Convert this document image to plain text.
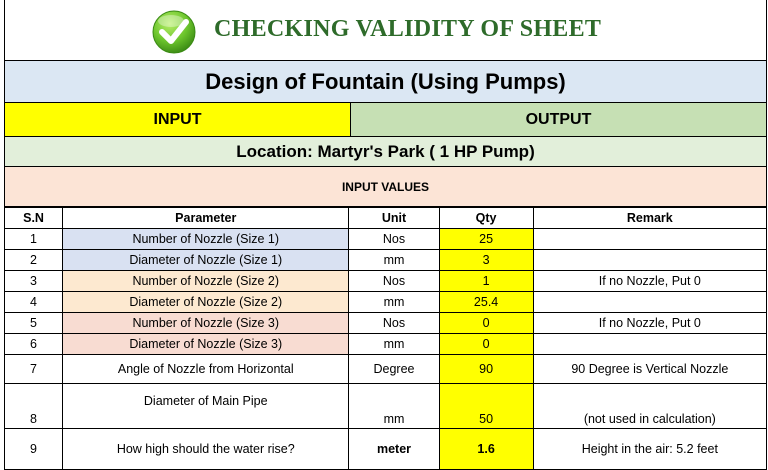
CHECKING VALIDITY OF SHEET
Design of Fountain (Using Pumps)
INPUT	OUTPUT
Location: Martyr's Park ( 1 HP Pump)
INPUT VALUES
S.N	Parameter	Unit	Qty	Remark
1	Number of Nozzle (Size 1)	Nos	25	
2	Diameter of Nozzle (Size 1)	mm	3	
3	Number of Nozzle (Size 2)	Nos	1	If no Nozzle, Put 0
4	Diameter of Nozzle (Size 2)	mm	25.4	
5	Number of Nozzle (Size 3)	Nos	0	If no Nozzle, Put 0
6	Diameter of Nozzle (Size 3)	mm	0	
7	Angle of Nozzle from Horizontal	Degree	90	90 Degree is Vertical Nozzle
8	Diameter of Main Pipe	mm	50	(not used in calculation)
9	How high should the water rise?	meter	1.6	Height in the air: 5.2 feet
